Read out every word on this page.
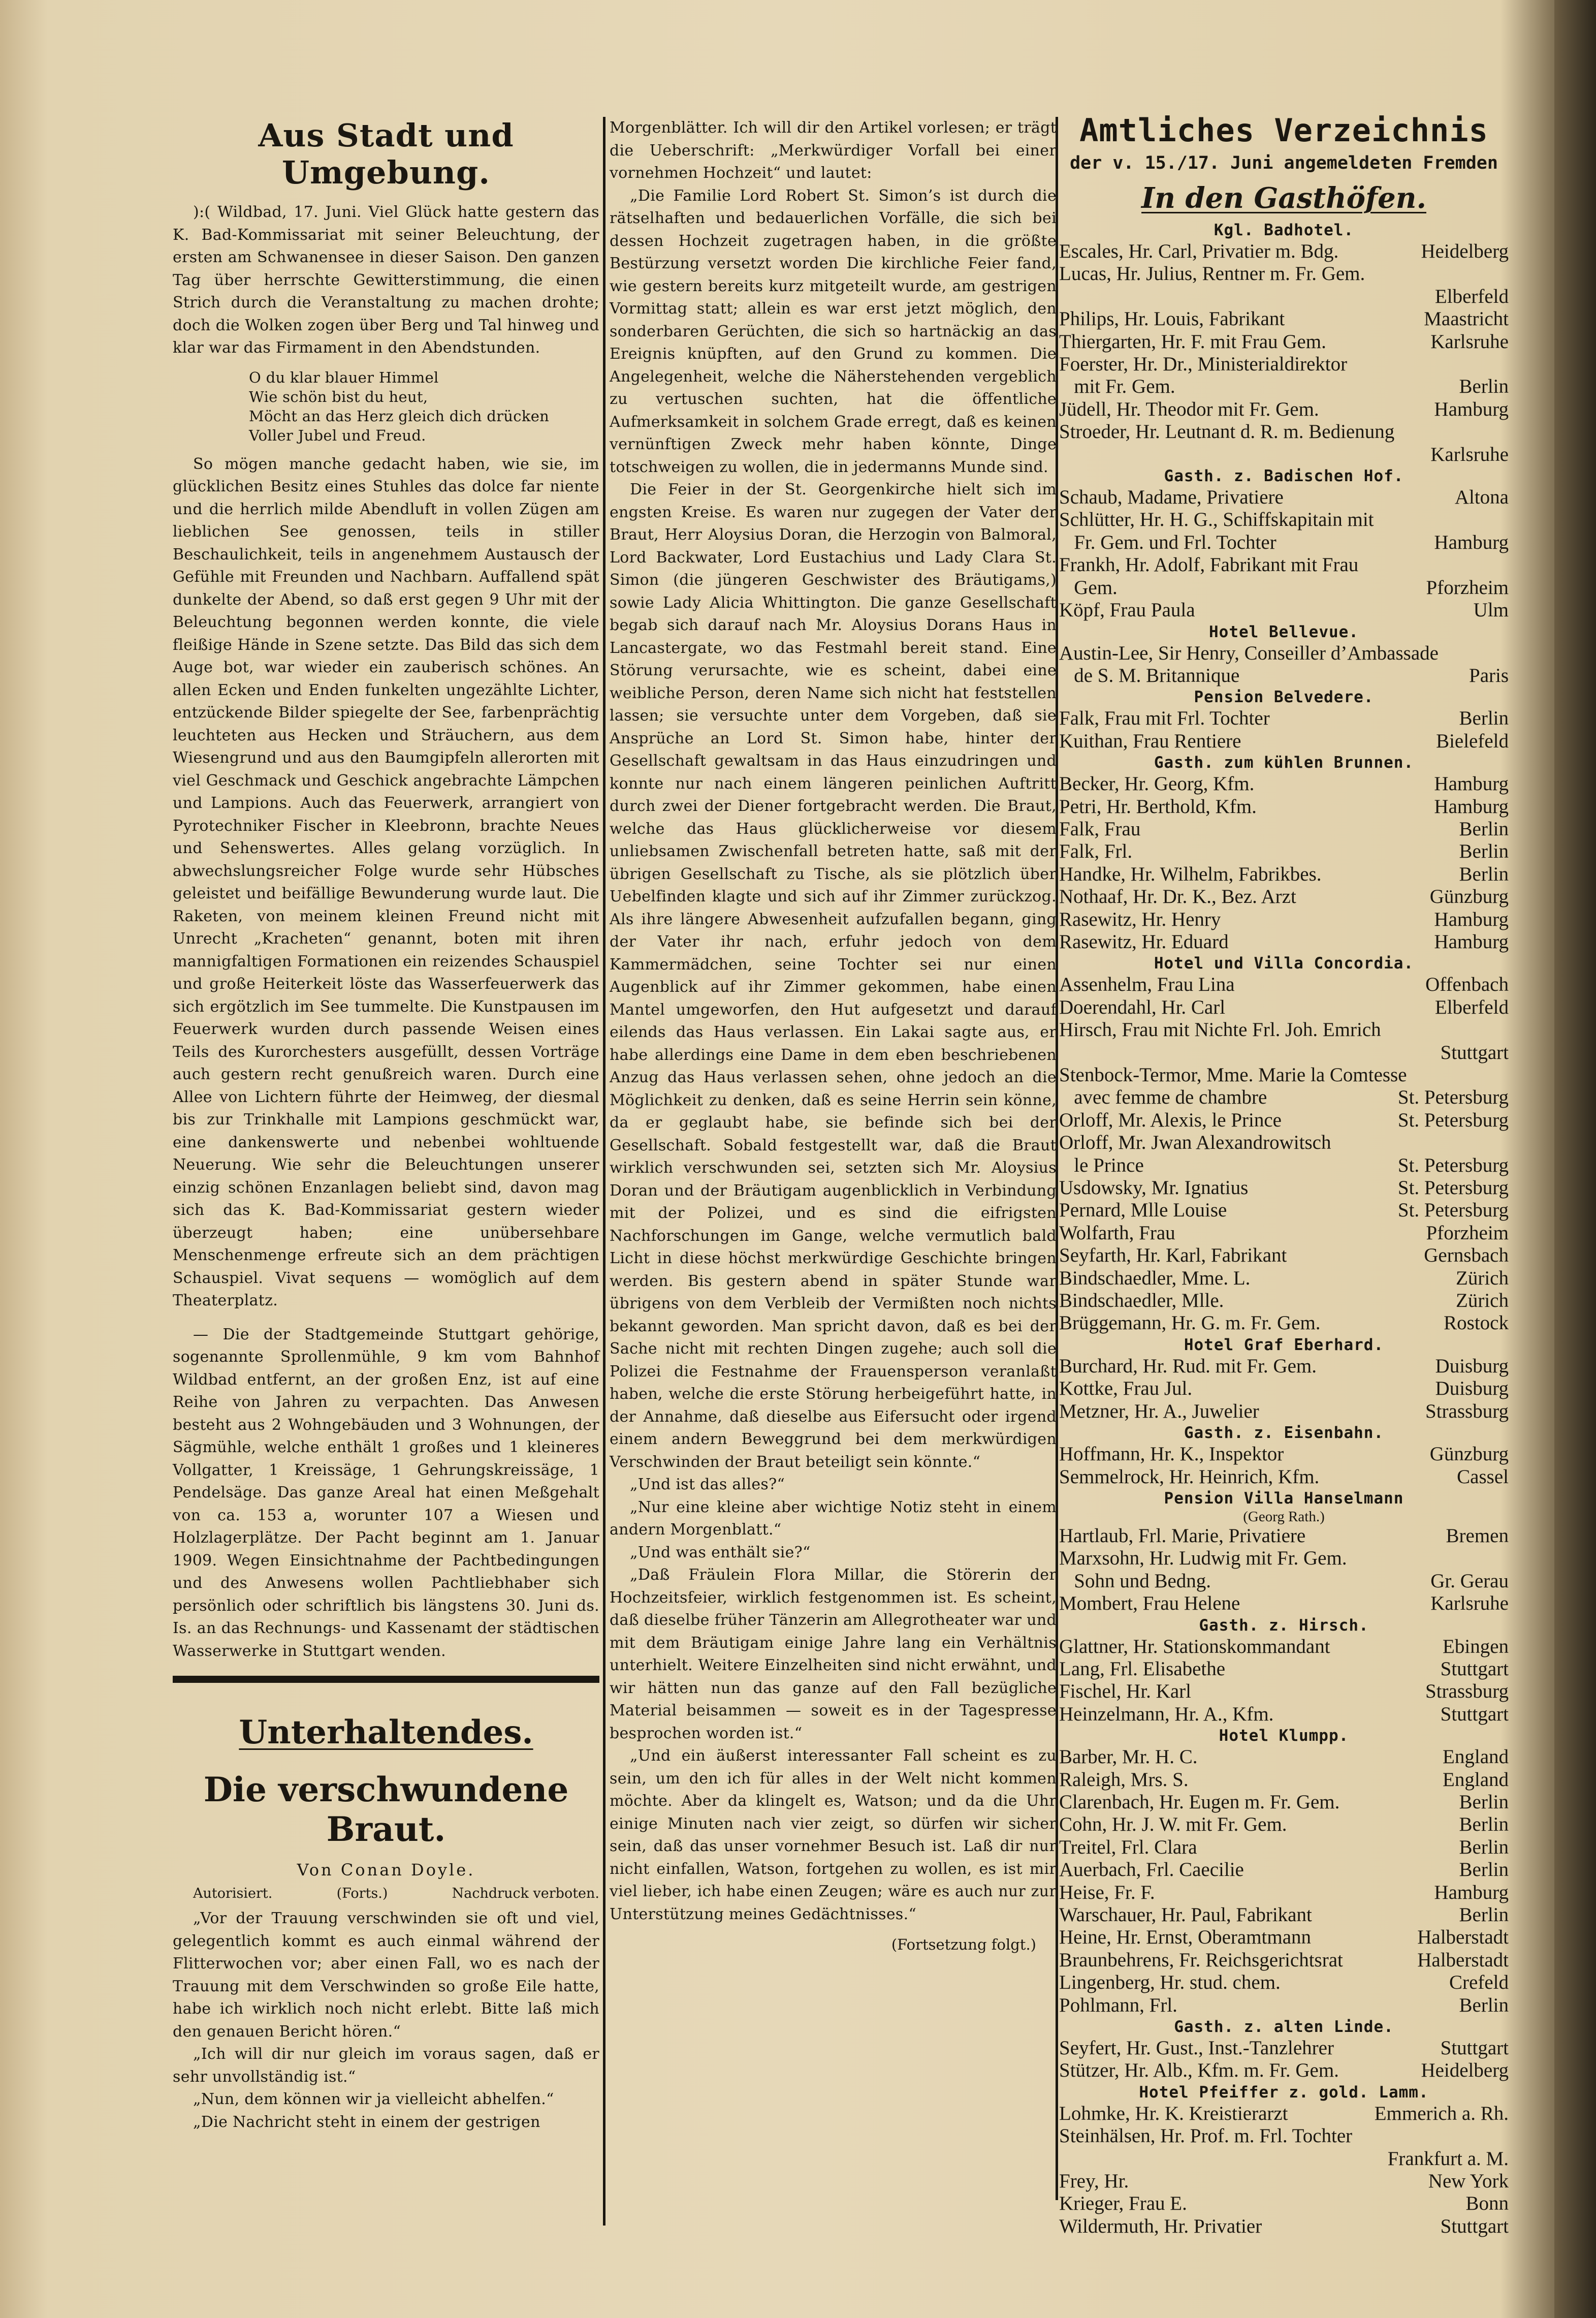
Aus Stadt und Umgebung.

):( Wildbad, 17. Juni. Viel Glück hatte gestern das K. Bad-Kommissariat mit seiner Beleuchtung, der ersten am Schwanensee in dieser Saison. Den ganzen Tag über herrschte Gewitterstimmung, die einen Strich durch die Veranstaltung zu machen drohte; doch die Wolken zogen über Berg und Tal hinweg und klar war das Firmament in den Abendstunden.

O du klar blauer Himmel
Wie schön bist du heut,
Möcht an das Herz gleich dich drücken
Voller Jubel und Freud.

So mögen manche gedacht haben, wie sie, im glücklichen Besitz eines Stuhles das dolce far niente und die herrlich milde Abendluft in vollen Zügen am lieblichen See genossen, teils in stiller Beschaulichkeit, teils in angenehmem Austausch der Gefühle mit Freunden und Nachbarn. Auffallend spät dunkelte der Abend, so daß erst gegen 9 Uhr mit der Beleuchtung begonnen werden konnte, die viele fleißige Hände in Szene setzte. Das Bild das sich dem Auge bot, war wieder ein zauberisch schönes. An allen Ecken und Enden funkelten ungezählte Lichter, entzückende Bilder spiegelte der See, farbenprächtig leuchteten aus Hecken und Sträuchern, aus dem Wiesengrund und aus den Baumgipfeln allerorten mit viel Geschmack und Geschick angebrachte Lämpchen und Lampions. Auch das Feuerwerk, arrangiert von Pyrotechniker Fischer in Kleebronn, brachte Neues und Sehenswertes. Alles gelang vorzüglich. In abwechslungsreicher Folge wurde sehr Hübsches geleistet und beifällige Bewunderung wurde laut. Die Raketen, von meinem kleinen Freund nicht mit Unrecht „Kracheten“ genannt, boten mit ihren mannigfaltigen Formationen ein reizendes Schauspiel und große Heiterkeit löste das Wasserfeuerwerk das sich ergötzlich im See tummelte. Die Kunstpausen im Feuerwerk wurden durch passende Weisen eines Teils des Kurorchesters ausgefüllt, dessen Vorträge auch gestern recht genußreich waren. Durch eine Allee von Lichtern führte der Heimweg, der diesmal bis zur Trinkhalle mit Lampions geschmückt war, eine dankenswerte und nebenbei wohltuende Neuerung. Wie sehr die Beleuchtungen unserer einzig schönen Enzanlagen beliebt sind, davon mag sich das K. Bad-Kommissariat gestern wieder überzeugt haben; eine unübersehbare Menschenmenge erfreute sich an dem prächtigen Schauspiel. Vivat sequens — womöglich auf dem Theaterplatz.

— Die der Stadtgemeinde Stuttgart gehörige, sogenannte Sprollenmühle, 9 km vom Bahnhof Wildbad entfernt, an der großen Enz, ist auf eine Reihe von Jahren zu verpachten. Das Anwesen besteht aus 2 Wohngebäuden und 3 Wohnungen, der Sägmühle, welche enthält 1 großes und 1 kleineres Vollgatter, 1 Kreissäge, 1 Gehrungskreissäge, 1 Pendelsäge. Das ganze Areal hat einen Meßgehalt von ca. 153 a, worunter 107 a Wiesen und Holzlagerplätze. Der Pacht beginnt am 1. Januar 1909. Wegen Einsichtnahme der Pachtbedingungen und des Anwesens wollen Pachtliebhaber sich persönlich oder schriftlich bis längstens 30. Juni ds. Is. an das Rechnungs- und Kassenamt der städtischen Wasserwerke in Stuttgart wenden.

Unterhaltendes.
Die verschwundene Braut.
Von Conan Doyle.
Autorisiert.	(Forts.)	Nachdruck verboten.

„Vor der Trauung verschwinden sie oft und viel, gelegentlich kommt es auch einmal während der Flitterwochen vor; aber einen Fall, wo es nach der Trauung mit dem Verschwinden so große Eile hatte, habe ich wirklich noch nicht erlebt. Bitte laß mich den genauen Bericht hören.“

„Ich will dir nur gleich im voraus sagen, daß er sehr unvollständig ist.“

„Nun, dem können wir ja vielleicht abhelfen.“

„Die Nachricht steht in einem der gestrigen

Morgenblätter. Ich will dir den Artikel vorlesen; er trägt die Ueberschrift: „Merkwürdiger Vorfall bei einer vornehmen Hochzeit“ und lautet:

„Die Familie Lord Robert St. Simon’s ist durch die rätselhaften und bedauerlichen Vorfälle, die sich bei dessen Hochzeit zugetragen haben, in die größte Bestürzung versetzt worden Die kirchliche Feier fand, wie gestern bereits kurz mitgeteilt wurde, am gestrigen Vormittag statt; allein es war erst jetzt möglich, den sonderbaren Gerüchten, die sich so hartnäckig an das Ereignis knüpften, auf den Grund zu kommen. Die Angelegenheit, welche die Näherstehenden vergeblich zu vertuschen suchten, hat die öffentliche Aufmerksamkeit in solchem Grade erregt, daß es keinen vernünftigen Zweck mehr haben könnte, Dinge totschweigen zu wollen, die in jedermanns Munde sind.

Die Feier in der St. Georgenkirche hielt sich im engsten Kreise. Es waren nur zugegen der Vater der Braut, Herr Aloysius Doran, die Herzogin von Balmoral, Lord Backwater, Lord Eustachius und Lady Clara St. Simon (die jüngeren Geschwister des Bräutigams,) sowie Lady Alicia Whittington. Die ganze Gesellschaft begab sich darauf nach Mr. Aloysius Dorans Haus in Lancastergate, wo das Festmahl bereit stand. Eine Störung verursachte, wie es scheint, dabei eine weibliche Person, deren Name sich nicht hat feststellen lassen; sie versuchte unter dem Vorgeben, daß sie Ansprüche an Lord St. Simon habe, hinter der Gesellschaft gewaltsam in das Haus einzudringen und konnte nur nach einem längeren peinlichen Auftritt durch zwei der Diener fortgebracht werden. Die Braut, welche das Haus glücklicherweise vor diesem unliebsamen Zwischenfall betreten hatte, saß mit der übrigen Gesellschaft zu Tische, als sie plötzlich über Uebelfinden klagte und sich auf ihr Zimmer zurückzog. Als ihre längere Abwesenheit aufzufallen begann, ging der Vater ihr nach, erfuhr jedoch von dem Kammermädchen, seine Tochter sei nur einen Augenblick auf ihr Zimmer gekommen, habe einen Mantel umgeworfen, den Hut aufgesetzt und darauf eilends das Haus verlassen. Ein Lakai sagte aus, er habe allerdings eine Dame in dem eben beschriebenen Anzug das Haus verlassen sehen, ohne jedoch an die Möglichkeit zu denken, daß es seine Herrin sein könne, da er geglaubt habe, sie befinde sich bei der Gesellschaft. Sobald festgestellt war, daß die Braut wirklich verschwunden sei, setzten sich Mr. Aloysius Doran und der Bräutigam augenblicklich in Verbindung mit der Polizei, und es sind die eifrigsten Nachforschungen im Gange, welche vermutlich bald Licht in diese höchst merkwürdige Geschichte bringen werden. Bis gestern abend in später Stunde war übrigens von dem Verbleib der Vermißten noch nichts bekannt geworden. Man spricht davon, daß es bei der Sache nicht mit rechten Dingen zugehe; auch soll die Polizei die Festnahme der Frauensperson veranlaßt haben, welche die erste Störung herbeigeführt hatte, in der Annahme, daß dieselbe aus Eifersucht oder irgend einem andern Beweggrund bei dem merkwürdigen Verschwinden der Braut beteiligt sein könnte.“

„Und ist das alles?“

„Nur eine kleine aber wichtige Notiz steht in einem andern Morgenblatt.“

„Und was enthält sie?“

„Daß Fräulein Flora Millar, die Störerin der Hochzeitsfeier, wirklich festgenommen ist. Es scheint, daß dieselbe früher Tänzerin am Allegrotheater war und mit dem Bräutigam einige Jahre lang ein Verhältnis unterhielt. Weitere Einzelheiten sind nicht erwähnt, und wir hätten nun das ganze auf den Fall bezügliche Material beisammen — soweit es in der Tagespresse besprochen worden ist.“

„Und ein äußerst interessanter Fall scheint es zu sein, um den ich für alles in der Welt nicht kommen möchte. Aber da klingelt es, Watson; und da die Uhr einige Minuten nach vier zeigt, so dürfen wir sicher sein, daß das unser vornehmer Besuch ist. Laß dir nur nicht einfallen, Watson, fortgehen zu wollen, es ist mir viel lieber, ich habe einen Zeugen; wäre es auch nur zur Unterstützung meines Gedächtnisses.“

(Fortsetzung folgt.)
Amtliches Verzeichnis
der v. 15./17. Juni angemeldeten Fremden
In den Gasthöfen.
Kgl. Badhotel.
Escales, Hr. Carl, Privatier m. Bdg.	Heidelberg
Lucas, Hr. Julius, Rentner m. Fr. Gem.
Elberfeld
Philips, Hr. Louis, Fabrikant	Maastricht
Thiergarten, Hr. F. mit Frau Gem.	Karlsruhe
Foerster, Hr. Dr., Ministerialdirektor
mit Fr. Gem.	Berlin
Jüdell, Hr. Theodor mit Fr. Gem.	Hamburg
Stroeder, Hr. Leutnant d. R. m. Bedienung
Karlsruhe
Gasth. z. Badischen Hof.
Schaub, Madame, Privatiere	Altona
Schlütter, Hr. H. G., Schiffskapitain mit
Fr. Gem. und Frl. Tochter	Hamburg
Frankh, Hr. Adolf, Fabrikant mit Frau
Gem.	Pforzheim
Köpf, Frau Paula	Ulm
Hotel Bellevue.
Austin-Lee, Sir Henry, Conseiller d’Ambassade
de S. M. Britannique	Paris
Pension Belvedere.
Falk, Frau mit Frl. Tochter	Berlin
Kuithan, Frau Rentiere	Bielefeld
Gasth. zum kühlen Brunnen.
Becker, Hr. Georg, Kfm.	Hamburg
Petri, Hr. Berthold, Kfm.	Hamburg
Falk, Frau	Berlin
Falk, Frl.	Berlin
Handke, Hr. Wilhelm, Fabrikbes.	Berlin
Nothaaf, Hr. Dr. K., Bez. Arzt	Günzburg
Rasewitz, Hr. Henry	Hamburg
Rasewitz, Hr. Eduard	Hamburg
Hotel und Villa Concordia.
Assenhelm, Frau Lina	Offenbach
Doerendahl, Hr. Carl	Elberfeld
Hirsch, Frau mit Nichte Frl. Joh. Emrich
Stuttgart
Stenbock-Termor, Mme. Marie la Comtesse
avec femme de chambre	St. Petersburg
Orloff, Mr. Alexis, le Prince	St. Petersburg
Orloff, Mr. Jwan Alexandrowitsch
le Prince	St. Petersburg
Usdowsky, Mr. Ignatius	St. Petersburg
Pernard, Mlle Louise	St. Petersburg
Wolfarth, Frau	Pforzheim
Seyfarth, Hr. Karl, Fabrikant	Gernsbach
Bindschaedler, Mme. L.	Zürich
Bindschaedler, Mlle.	Zürich
Brüggemann, Hr. G. m. Fr. Gem.	Rostock
Hotel Graf Eberhard.
Burchard, Hr. Rud. mit Fr. Gem.	Duisburg
Kottke, Frau Jul.	Duisburg
Metzner, Hr. A., Juwelier	Strassburg
Gasth. z. Eisenbahn.
Hoffmann, Hr. K., Inspektor	Günzburg
Semmelrock, Hr. Heinrich, Kfm.	Cassel
Pension Villa Hanselmann
(Georg Rath.)
Hartlaub, Frl. Marie, Privatiere	Bremen
Marxsohn, Hr. Ludwig mit Fr. Gem.
Sohn und Bedng.	Gr. Gerau
Mombert, Frau Helene	Karlsruhe
Gasth. z. Hirsch.
Glattner, Hr. Stationskommandant	Ebingen
Lang, Frl. Elisabethe	Stuttgart
Fischel, Hr. Karl	Strassburg
Heinzelmann, Hr. A., Kfm.	Stuttgart
Hotel Klumpp.
Barber, Mr. H. C.	England
Raleigh, Mrs. S.	England
Clarenbach, Hr. Eugen m. Fr. Gem.	Berlin
Cohn, Hr. J. W. mit Fr. Gem.	Berlin
Treitel, Frl. Clara	Berlin
Auerbach, Frl. Caecilie	Berlin
Heise, Fr. F.	Hamburg
Warschauer, Hr. Paul, Fabrikant	Berlin
Heine, Hr. Ernst, Oberamtmann	Halberstadt
Braunbehrens, Fr. Reichsgerichtsrat	Halberstadt
Lingenberg, Hr. stud. chem.	Crefeld
Pohlmann, Frl.	Berlin
Gasth. z. alten Linde.
Seyfert, Hr. Gust., Inst.-Tanzlehrer	Stuttgart
Stützer, Hr. Alb., Kfm. m. Fr. Gem.	Heidelberg
Hotel Pfeiffer z. gold. Lamm.
Lohmke, Hr. K. Kreistierarzt	Emmerich a. Rh.
Steinhälsen, Hr. Prof. m. Frl. Tochter
Frankfurt a. M.
Frey, Hr.	New York
Krieger, Frau E.	Bonn
Wildermuth, Hr. Privatier	Stuttgart
